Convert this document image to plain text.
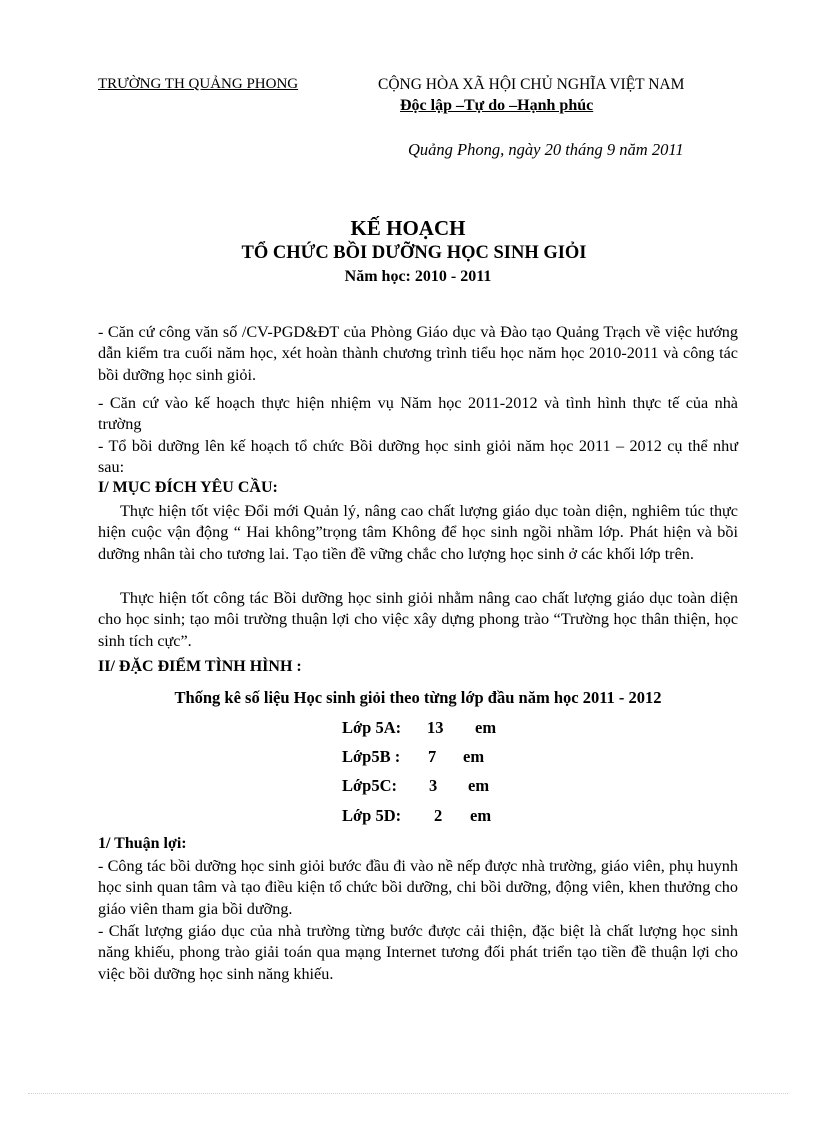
TRƯỜNG TH QUẢNG PHONG	CỘNG HÒA XÃ HỘI CHỦ NGHĨA VIỆT NAM
Độc lập –Tự do –Hạnh phúc
Quảng Phong, ngày 20 tháng 9 năm 2011
KẾ HOẠCH
TỔ CHỨC BỒI DƯỠNG HỌC SINH GIỎI
Năm học: 2010 - 2011
- Căn cứ công văn số /CV-PGD&ĐT của Phòng Giáo dục và Đào tạo Quảng Trạch về việc hướng dẫn kiểm tra cuối năm học, xét hoàn thành chương trình tiểu học năm học 2010-2011 và công tác bồi dưỡng học sinh giỏi.
- Căn cứ vào kế hoạch thực hiện nhiệm vụ Năm học 2011-2012 và tình hình thực tế của nhà trường
- Tổ bồi dưỡng lên kế hoạch tổ chức Bồi dưỡng học sinh giỏi năm học 2011 – 2012 cụ thể như sau:
I/ MỤC ĐÍCH YÊU CẦU:
Thực hiện tốt việc Đổi mới Quản lý, nâng cao chất lượng giáo dục toàn diện, nghiêm túc thực hiện cuộc vận động “ Hai không”trọng tâm Không để học sinh ngồi nhầm lớp. Phát hiện và bồi dưỡng nhân tài cho tương lai. Tạo tiền đề vững chắc cho lượng học sinh ở các khối lớp trên.
Thực hiện tốt công tác Bồi dưỡng học sinh giỏi nhằm nâng cao chất lượng giáo dục toàn diện cho học sinh; tạo môi trường thuận lợi cho việc xây dựng phong trào “Trường học thân thiện, học sinh tích cực”.
II/ ĐẶC ĐIỂM TÌNH HÌNH :
Thống kê số liệu Học sinh giỏi theo từng lớp đầu năm học 2011 - 2012
Lớp 5A: 13 em
Lớp5B : 7 em
Lớp5C: 3 em
Lớp 5D: 2 em
1/ Thuận lợi:
- Công tác bồi dưỡng học sinh giỏi bước đầu đi vào nề nếp được nhà trường, giáo viên, phụ huynh học sinh quan tâm và tạo điều kiện tổ chức bồi dưỡng, chi bồi dưỡng, động viên, khen thưởng cho giáo viên tham gia bồi dưỡng.
- Chất lượng giáo dục của nhà trường từng bước được cải thiện, đặc biệt là chất lượng học sinh năng khiếu, phong trào giải toán qua mạng Internet tương đối phát triển tạo tiền đề thuận lợi cho việc bồi dưỡng học sinh năng khiếu.
